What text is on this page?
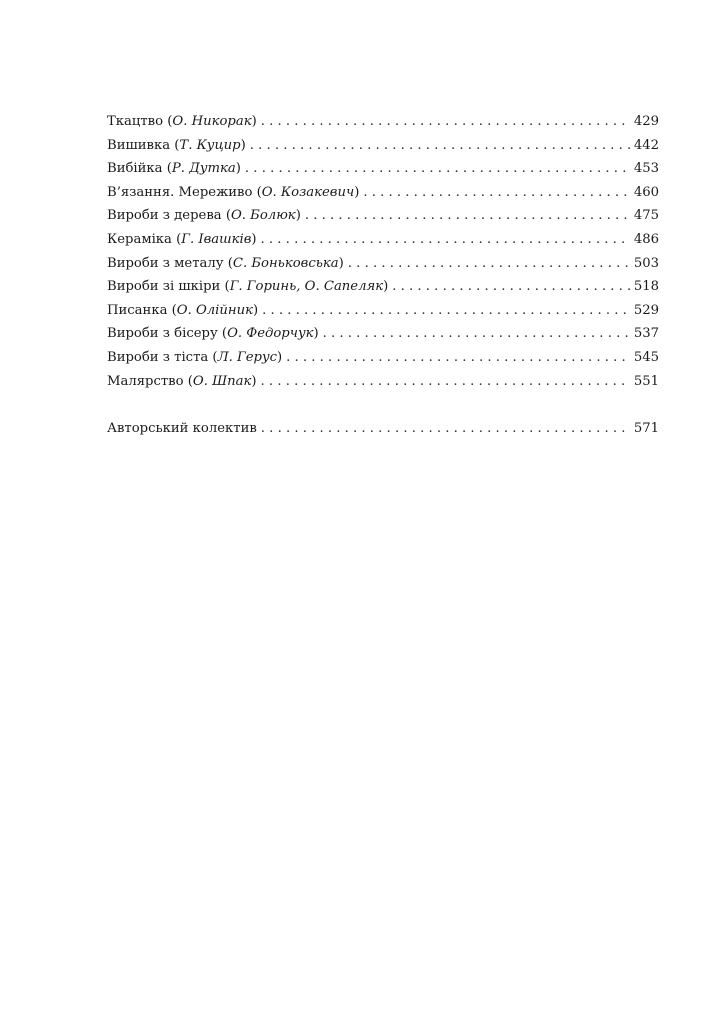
Ткацтво (О. Никорак) . . .	429
Вишивка (Т. Куцир) . . .	442
Вибійка (Р. Дутка) . . .	453
В’язання. Мереживо (О. Козакевич) . . .	460
Вироби з дерева (О. Болюк) . . .	475
Кераміка (Г. Івашків) . . .	486
Вироби з металу (С. Боньковська) . . .	503
Вироби зі шкіри (Г. Горинь, О. Сапеляк) . . .	518
Писанка (О. Олійник) . . .	529
Вироби з бісеру (О. Федорчук) . . .	537
Вироби з тіста (Л. Герус) . . .	545
Малярство (О. Шпак) . . .	551
Авторський колектив . . .	571
